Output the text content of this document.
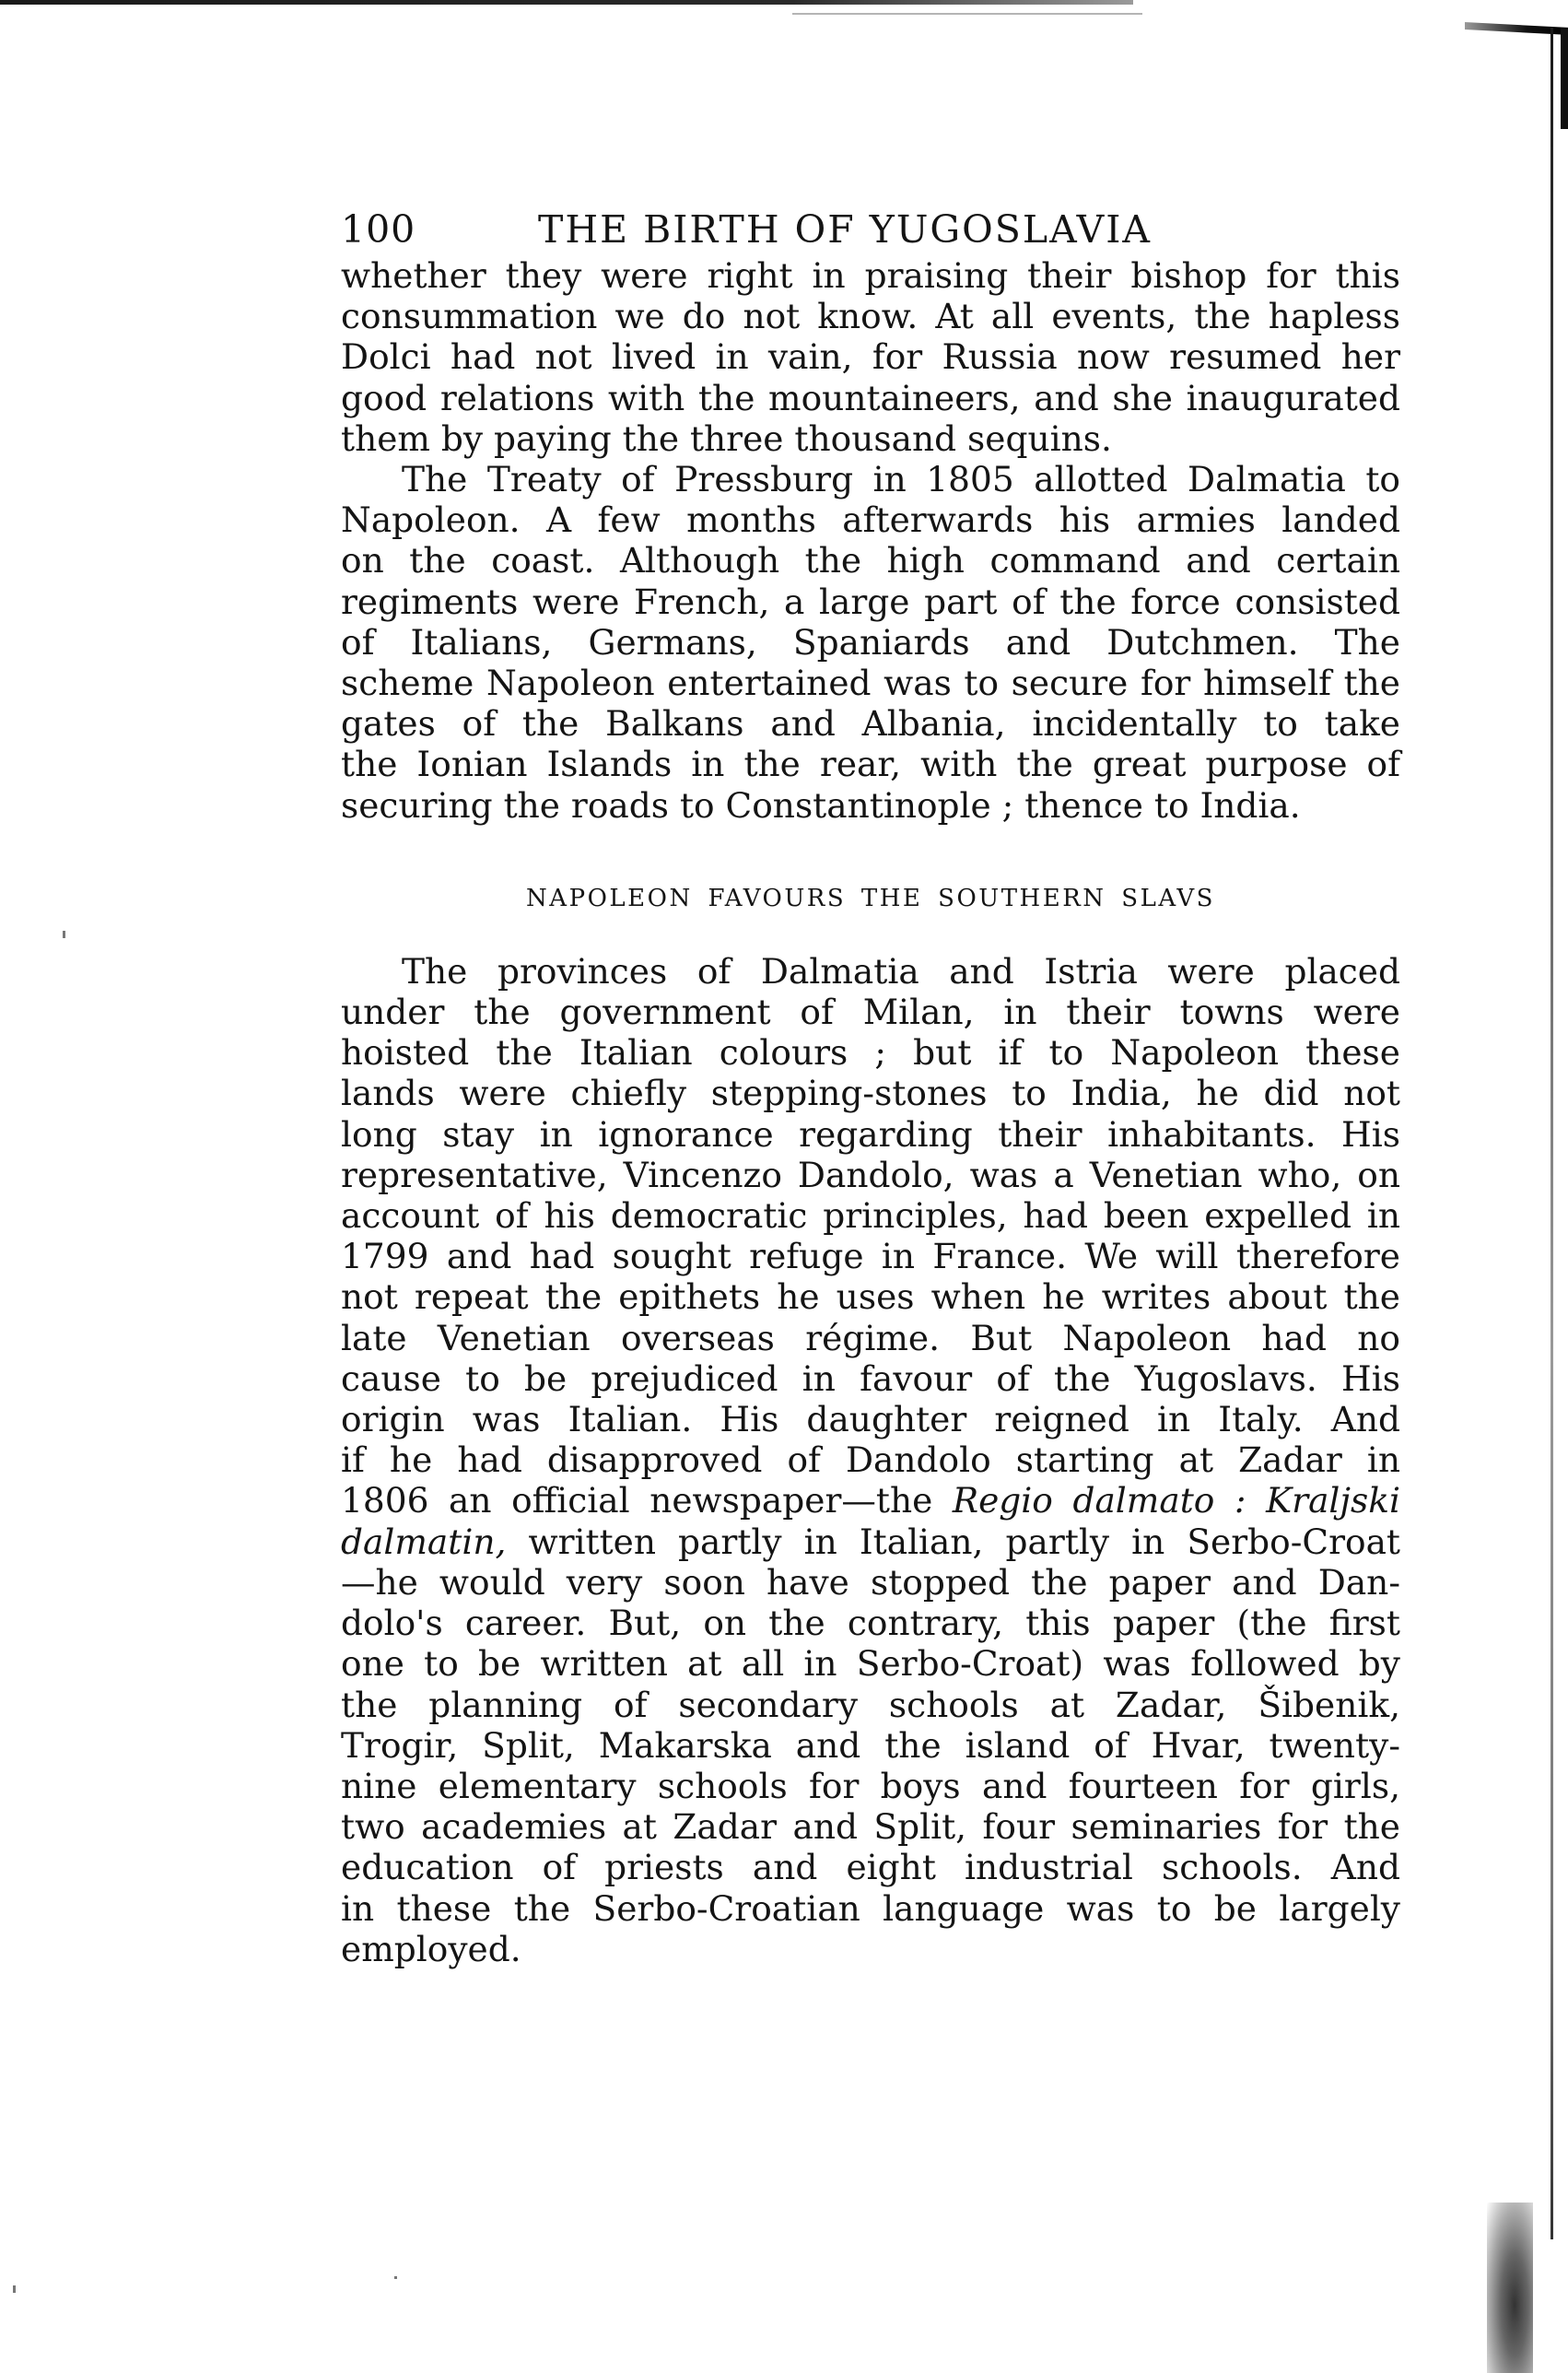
100	THE BIRTH OF YUGOSLAVIA

whether they were right in praising their bishop for this
consummation we do not know. At all events, the hapless
Dolci had not lived in vain, for Russia now resumed her
good relations with the mountaineers, and she inaugurated
them by paying the three thousand sequins.

The Treaty of Pressburg in 1805 allotted Dalmatia to
Napoleon. A few months afterwards his armies landed
on the coast. Although the high command and certain
regiments were French, a large part of the force consisted
of Italians, Germans, Spaniards and Dutchmen. The
scheme Napoleon entertained was to secure for himself the
gates of the Balkans and Albania, incidentally to take
the Ionian Islands in the rear, with the great purpose of
securing the roads to Constantinople ; thence to India.

NAPOLEON FAVOURS THE SOUTHERN SLAVS

The provinces of Dalmatia and Istria were placed
under the government of Milan, in their towns were
hoisted the Italian colours ; but if to Napoleon these
lands were chiefly stepping-stones to India, he did not
long stay in ignorance regarding their inhabitants. His
representative, Vincenzo Dandolo, was a Venetian who, on
account of his democratic principles, had been expelled in
1799 and had sought refuge in France. We will therefore
not repeat the epithets he uses when he writes about the
late Venetian overseas régime. But Napoleon had no
cause to be prejudiced in favour of the Yugoslavs. His
origin was Italian. His daughter reigned in Italy. And
if he had disapproved of Dandolo starting at Zadar in
1806 an official newspaper—the Regio dalmato : Kraljski
dalmatin, written partly in Italian, partly in Serbo-Croat
—he would very soon have stopped the paper and Dan-
dolo's career. But, on the contrary, this paper (the first
one to be written at all in Serbo-Croat) was followed by
the planning of secondary schools at Zadar, Šibenik,
Trogir, Split, Makarska and the island of Hvar, twenty-
nine elementary schools for boys and fourteen for girls,
two academies at Zadar and Split, four seminaries for the
education of priests and eight industrial schools. And
in these the Serbo-Croatian language was to be largely
employed.
